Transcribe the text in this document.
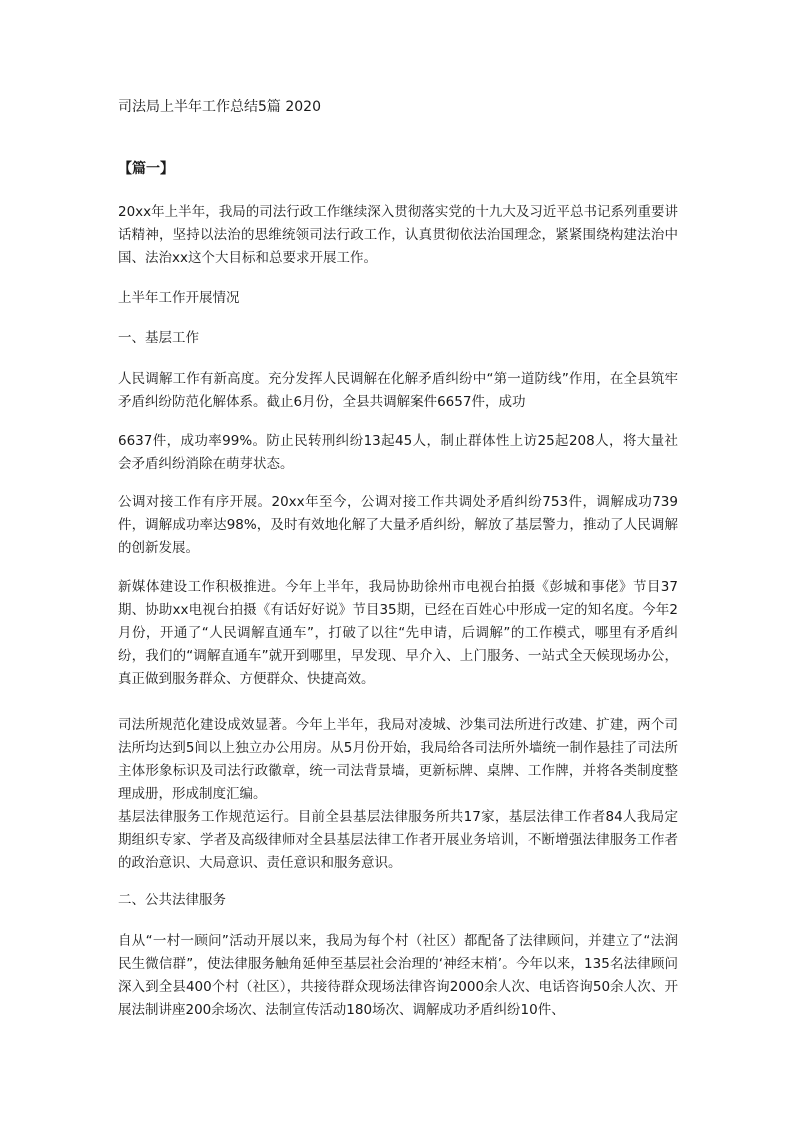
司法局上半年工作总结5篇 2020
【篇一】

20xx年上半年，我局的司法行政工作继续深入贯彻落实党的十九大及习近平总书记系列重要讲话精神，坚持以法治的思维统领司法行政工作，认真贯彻依法治国理念，紧紧围绕构建法治中国、法治xx这个大目标和总要求开展工作。

上半年工作开展情况
一、基层工作

人民调解工作有新高度。充分发挥人民调解在化解矛盾纠纷中“第一道防线”作用，在全县筑牢矛盾纠纷防范化解体系。截止6月份，全县共调解案件6657件，成功

6637件，成功率99%。防止民转刑纠纷13起45人，制止群体性上访25起208人，将大量社会矛盾纠纷消除在萌芽状态。

公调对接工作有序开展。20xx年至今，公调对接工作共调处矛盾纠纷753件，调解成功739件，调解成功率达98%，及时有效地化解了大量矛盾纠纷，解放了基层警力，推动了人民调解的创新发展。

新媒体建设工作积极推进。今年上半年，我局协助徐州市电视台拍摄《彭城和事佬》节目37期、协助xx电视台拍摄《有话好好说》节目35期，已经在百姓心中形成一定的知名度。今年2月份，开通了“人民调解直通车”，打破了以往“先申请，后调解”的工作模式，哪里有矛盾纠纷，我们的“调解直通车”就开到哪里，早发现、早介入、上门服务、一站式全天候现场办公，真正做到服务群众、方便群众、快捷高效。

司法所规范化建设成效显著。今年上半年，我局对凌城、沙集司法所进行改建、扩建，两个司法所均达到5间以上独立办公用房。从5月份开始，我局给各司法所外墙统一制作悬挂了司法所主体形象标识及司法行政徽章，统一司法背景墙，更新标牌、桌牌、工作牌，并将各类制度整理成册，形成制度汇编。

基层法律服务工作规范运行。目前全县基层法律服务所共17家，基层法律工作者84人我局定期组织专家、学者及高级律师对全县基层法律工作者开展业务培训，不断增强法律服务工作者的政治意识、大局意识、责任意识和服务意识。

二、公共法律服务

自从“一村一顾问”活动开展以来，我局为每个村（社区）都配备了法律顾问，并建立了“法润民生微信群”，使法律服务触角延伸至基层社会治理的‘神经末梢’。今年以来，135名法律顾问深入到全县400个村（社区），共接待群众现场法律咨询2000余人次、电话咨询50余人次、开展法制讲座200余场次、法制宣传活动180场次、调解成功矛盾纠纷10件、
